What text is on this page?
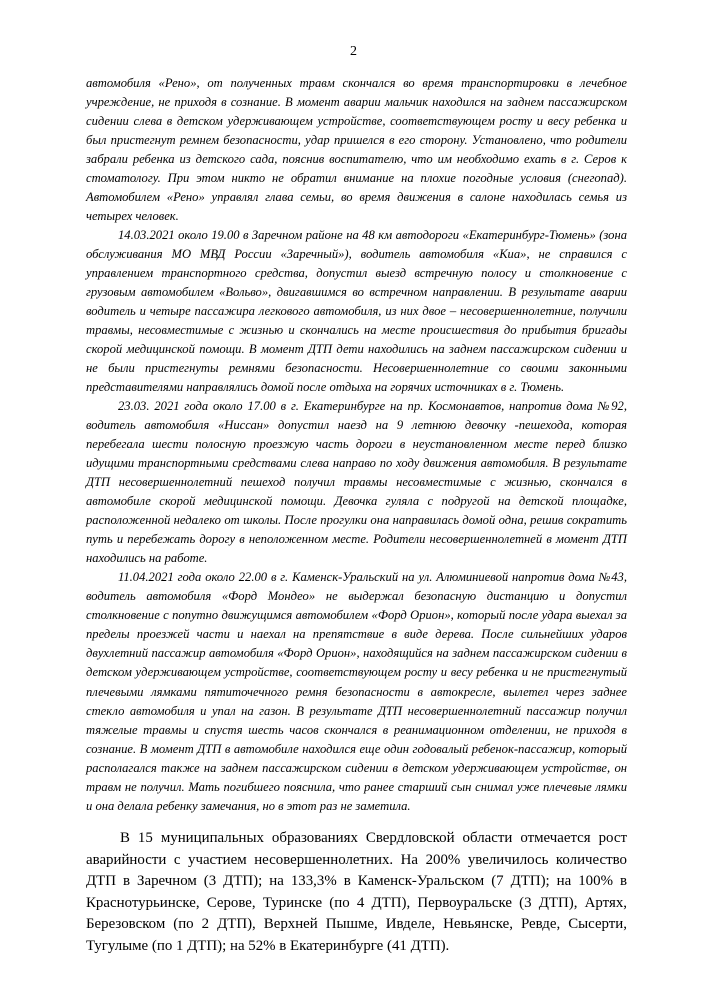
2

автомобиля «Рено», от полученных травм скончался во время транспортировки в лечебное учреждение, не приходя в сознание. В момент аварии мальчик находился на заднем пассажирском сидении слева в детском удерживающем устройстве, соответствующем росту и весу ребенка и был пристегнут ремнем безопасности, удар пришелся в его сторону. Установлено, что родители забрали ребенка из детского сада, пояснив воспитателю, что им необходимо ехать в г. Серов к стоматологу. При этом никто не обратил внимание на плохие погодные условия (снегопад). Автомобилем «Рено» управлял глава семьи, во время движения в салоне находилась семья из четырех человек.

14.03.2021 около 19.00 в Заречном районе на 48 км автодороги «Екатеринбург-Тюмень» (зона обслуживания МО МВД России «Заречный»), водитель автомобиля «Киа», не справился с управлением транспортного средства, допустил выезд встречную полосу и столкновение с грузовым автомобилем «Вольво», двигавшимся во встречном направлении. В результате аварии водитель и четыре пассажира легкового автомобиля, из них двое – несовершеннолетние, получили травмы, несовместимые с жизнью и скончались на месте происшествия до прибытия бригады скорой медицинской помощи. В момент ДТП дети находились на заднем пассажирском сидении и не были пристегнуты ремнями безопасности. Несовершеннолетние со своими законными представителями направлялись домой после отдыха на горячих источниках в г. Тюмень.

23.03. 2021 года около 17.00 в г. Екатеринбурге на пр. Космонавтов, напротив дома №92, водитель автомобиля «Ниссан» допустил наезд на 9 летнюю девочку -пешехода, которая перебегала шести полосную проезжую часть дороги в неустановленном месте перед близко идущими транспортными средствами слева направо по ходу движения автомобиля. В результате ДТП несовершеннолетний пешеход получил травмы несовместимые с жизнью, скончался в автомобиле скорой медицинской помощи. Девочка гуляла с подругой на детской площадке, расположенной недалеко от школы. После прогулки она направилась домой одна, решив сократить путь и перебежать дорогу в неположенном месте. Родители несовершеннолетней в момент ДТП находились на работе.

11.04.2021 года около 22.00 в г. Каменск-Уральский на ул. Алюминиевой напротив дома №43, водитель автомобиля «Форд Мондео» не выдержал безопасную дистанцию и допустил столкновение с попутно движущимся автомобилем «Форд Орион», который после удара выехал за пределы проезжей части и наехал на препятствие в виде дерева. После сильнейших ударов двухлетний пассажир автомобиля «Форд Орион», находящийся на заднем пассажирском сидении в детском удерживающем устройстве, соответствующем росту и весу ребенка и не пристегнутый плечевыми лямками пятиточечного ремня безопасности в автокресле, вылетел через заднее стекло автомобиля и упал на газон. В результате ДТП несовершеннолетний пассажир получил тяжелые травмы и спустя шесть часов скончался в реанимационном отделении, не приходя в сознание. В момент ДТП в автомобиле находился еще один годовалый ребенок-пассажир, который располагался также на заднем пассажирском сидении в детском удерживающем устройстве, он травм не получил. Мать погибшего пояснила, что ранее старший сын снимал уже плечевые лямки и она делала ребенку замечания, но в этот раз не заметила.

В 15 муниципальных образованиях Свердловской области отмечается рост аварийности с участием несовершеннолетних. На 200% увеличилось количество ДТП в Заречном (3 ДТП); на 133,3% в Каменск-Уральском (7 ДТП); на 100% в Краснотурьинске, Серове, Туринске (по 4 ДТП), Первоуральске (3 ДТП), Артях, Березовском (по 2 ДТП), Верхней Пышме, Ивделе, Невьянске, Ревде, Сысерти, Тугулыме (по 1 ДТП); на 52% в Екатеринбурге (41 ДТП).
